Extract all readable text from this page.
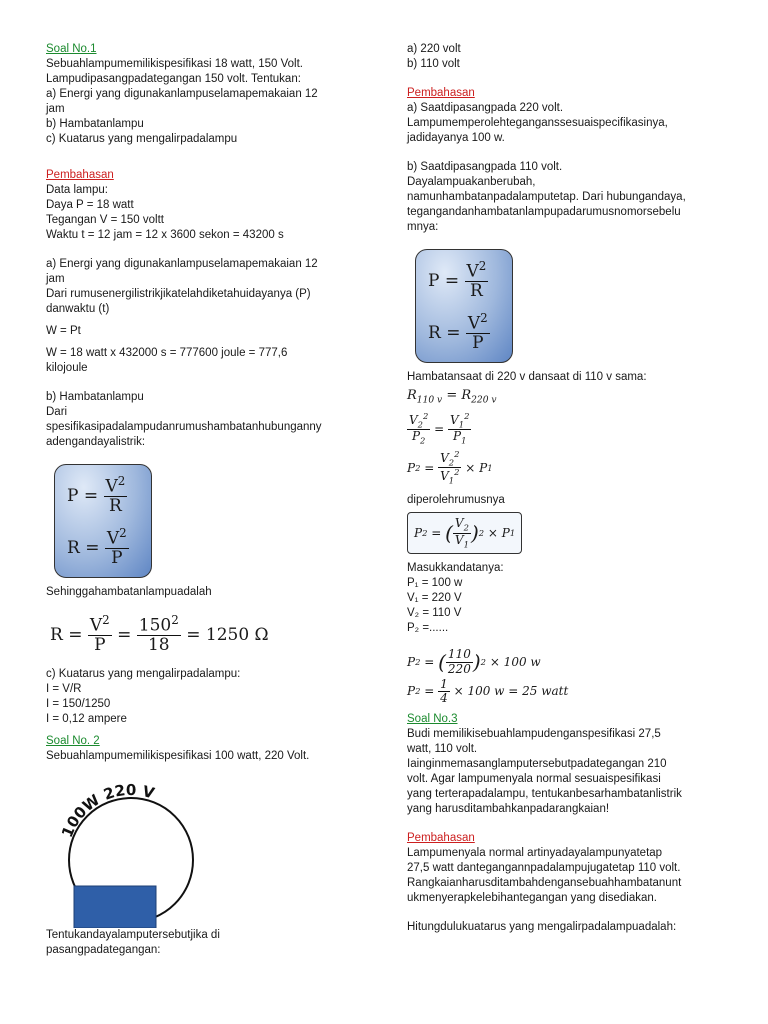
Soal No.1
Sebuahlampumemilikispesifikasi 18 watt, 150 Volt.
Lampudipasangpadategangan 150 volt. Tentukan:
a) Energi yang digunakanlampuselamapemakaian 12
jam
b) Hambatanlampu
c) Kuatarus yang mengalirpadalampu
Pembahasan
Data lampu:
Daya P = 18 watt
Tegangan V = 150 voltt
Waktu t = 12 jam = 12 x 3600 sekon = 43200 s
a) Energi yang digunakanlampuselamapemakaian 12
jam
Dari rumusenergilistrikjikatelahdiketahuidayanya (P)
danwaktu (t)
W = Pt
W = 18 watt x 432000 s = 777600 joule = 777,6
kilojoule
b) Hambatanlampu
Dari
spesifikasipadalampudanrumushambatanhubunganny
adengandayalistrik:
$P = \frac{V^2}{R}$
$R = \frac{V^2}{P}$
Sehinggahambatanlampuadalah
$R = \frac{V^2}{P} = \frac{150^2}{18} = 1250$ Ω
c) Kuatarus yang mengalirpadalampu:
I = V/R
I = 150/1250
I = 0,12 ampere
Soal No. 2
Sebuahlampumemilikispesifikasi 100 watt, 220 Volt.
100W 220 V
Tentukandayalamputersebutjika di
pasangpadategangan:
a) 220 volt
b) 110 volt
Pembahasan
a) Saatdipasangpada 220 volt.
Lampumemperolehteganganssesuaispecifikasinya,
jadidayanya 100 w.
b) Saatdipasangpada 110 volt.
Dayalampuakanberubah,
namunhambatanpadalamputetap. Dari hubungandaya,
tegangandanhambatanlampupadarumusnomorsebelu
mnya:
$P = \frac{V^2}{R}$
$R = \frac{V^2}{P}$
Hambatansaat di 220 v dansaat di 110 v sama:
$R_{110 v} = R_{220 v}$
$\frac{V_2^2}{P_2} = \frac{V_1^2}{P_1}$
P $2 = \frac{V_2^2}{V_1^2} \times P$ 1
diperolehrumusnya
P 2 = ( $\frac{V_2}{V_1}$ ) 2 × P 1
Masukkandatanya:
P₁ = 100 w
V₁ = 220 V
V₂ = 110 V
P₂ =......
P 2 = ( $\frac{110}{220}$ ) 2
× 100 w
P $2 = \frac{1}{4}$
× 100 w = 25 watt
Soal No.3
Budi memilikisebuahlampudenganspesifikasi 27,5
watt, 110 volt.
Iainginmemasanglamputersebutpadategangan 210
volt. Agar lampumenyala normal sesuaispesifikasi
yang terterapadalampu, tentukanbesarhambatanlistrik
yang harusditambahkanpadarangkaian!
Pembahasan
Lampumenyala normal artinyadayalampunyatetap
27,5 watt dantegangannpadalampujugatetap 110 volt.
Rangkaianharusditambahdengansebuahhambatanunt
ukmenyerapkelebihantegangan yang disediakan.
Hitungdulukuatarus yang mengalirpadalampuadalah:
